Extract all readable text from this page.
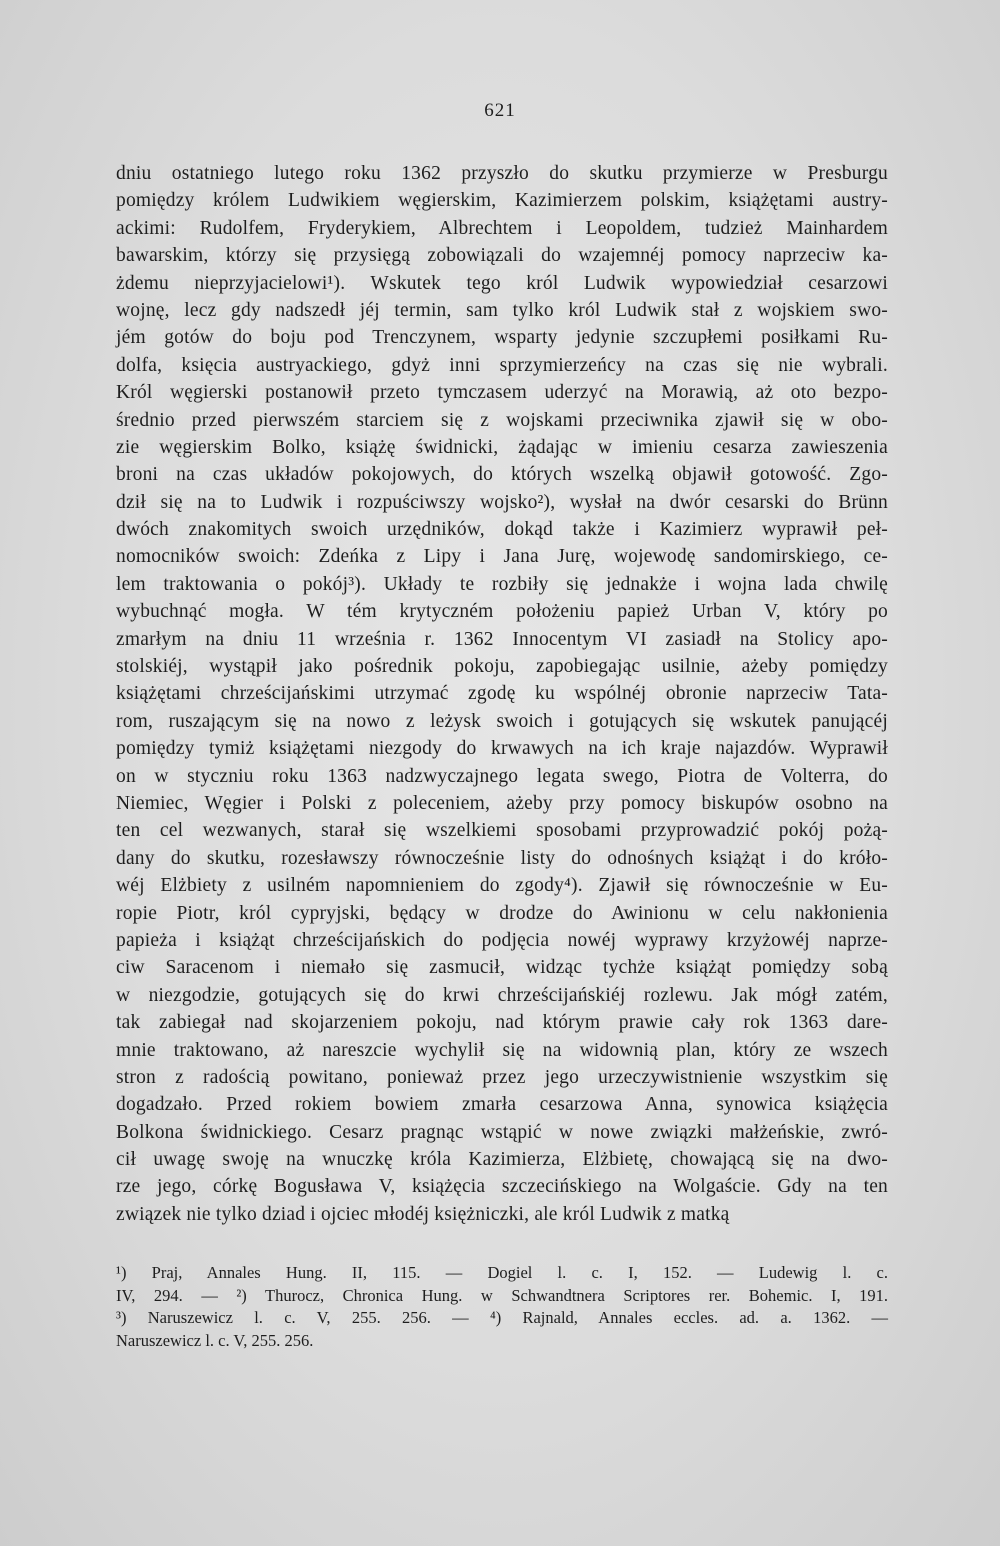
621
dniu ostatniego lutego roku 1362 przyszło do skutku przymierze w Presburgu
pomiędzy królem Ludwikiem węgierskim, Kazimierzem polskim, książętami austry-
ackimi: Rudolfem, Fryderykiem, Albrechtem i Leopoldem, tudzież Mainhardem
bawarskim, którzy się przysięgą zobowiązali do wzajemnéj pomocy naprzeciw ka-
żdemu nieprzyjacielowi¹). Wskutek tego król Ludwik wypowiedział cesarzowi
wojnę, lecz gdy nadszedł jéj termin, sam tylko król Ludwik stał z wojskiem swo-
jém gotów do boju pod Trenczynem, wsparty jedynie szczupłemi posiłkami Ru-
dolfa, księcia austryackiego, gdyż inni sprzymierzeńcy na czas się nie wybrali.
Król węgierski postanowił przeto tymczasem uderzyć na Morawią, aż oto bezpo-
średnio przed pierwszém starciem się z wojskami przeciwnika zjawił się w obo-
zie węgierskim Bolko, książę świdnicki, żądając w imieniu cesarza zawieszenia
broni na czas układów pokojowych, do których wszelką objawił gotowość. Zgo-
dził się na to Ludwik i rozpuściwszy wojsko²), wysłał na dwór cesarski do Brünn
dwóch znakomitych swoich urzędników, dokąd także i Kazimierz wyprawił peł-
nomocników swoich: Zdeńka z Lipy i Jana Jurę, wojewodę sandomirskiego, ce-
lem traktowania o pokój³). Układy te rozbiły się jednakże i wojna lada chwilę
wybuchnąć mogła. W tém krytyczném położeniu papież Urban V, który po
zmarłym na dniu 11 września r. 1362 Innocentym VI zasiadł na Stolicy apo-
stolskiéj, wystąpił jako pośrednik pokoju, zapobiegając usilnie, ażeby pomiędzy
książętami chrześcijańskimi utrzymać zgodę ku wspólnéj obronie naprzeciw Tata-
rom, ruszającym się na nowo z leżysk swoich i gotujących się wskutek panującéj
pomiędzy tymiż książętami niezgody do krwawych na ich kraje najazdów. Wyprawił
on w styczniu roku 1363 nadzwyczajnego legata swego, Piotra de Volterra, do
Niemiec, Węgier i Polski z poleceniem, ażeby przy pomocy biskupów osobno na
ten cel wezwanych, starał się wszelkiemi sposobami przyprowadzić pokój pożą-
dany do skutku, rozesławszy równocześnie listy do odnośnych książąt i do króło-
wéj Elżbiety z usilném napomnieniem do zgody⁴). Zjawił się równocześnie w Eu-
ropie Piotr, król cypryjski, będący w drodze do Awinionu w celu nakłonienia
papieża i książąt chrześcijańskich do podjęcia nowéj wyprawy krzyżowéj naprze-
ciw Saracenom i niemało się zasmucił, widząc tychże książąt pomiędzy sobą
w niezgodzie, gotujących się do krwi chrześcijańskiéj rozlewu. Jak mógł zatém,
tak zabiegał nad skojarzeniem pokoju, nad którym prawie cały rok 1363 dare-
mnie traktowano, aż nareszcie wychylił się na widownią plan, który ze wszech
stron z radością powitano, ponieważ przez jego urzeczywistnienie wszystkim się
dogadzało. Przed rokiem bowiem zmarła cesarzowa Anna, synowica książęcia
Bolkona świdnickiego. Cesarz pragnąc wstąpić w nowe związki małżeńskie, zwró-
cił uwagę swoję na wnuczkę króla Kazimierza, Elżbietę, chowającą się na dwo-
rze jego, córkę Bogusława V, książęcia szczecińskiego na Wolgaście. Gdy na ten
związek nie tylko dziad i ojciec młodéj księżniczki, ale król Ludwik z matką
¹) Praj, Annales Hung. II, 115. — Dogiel l. c. I, 152. — Ludewig l. c.
IV, 294. — ²) Thurocz, Chronica Hung. w Schwandtnera Scriptores rer. Bohemic. I, 191.
³) Naruszewicz l. c. V, 255. 256. — ⁴) Rajnald, Annales eccles. ad. a. 1362. —
Naruszewicz l. c. V, 255. 256.
